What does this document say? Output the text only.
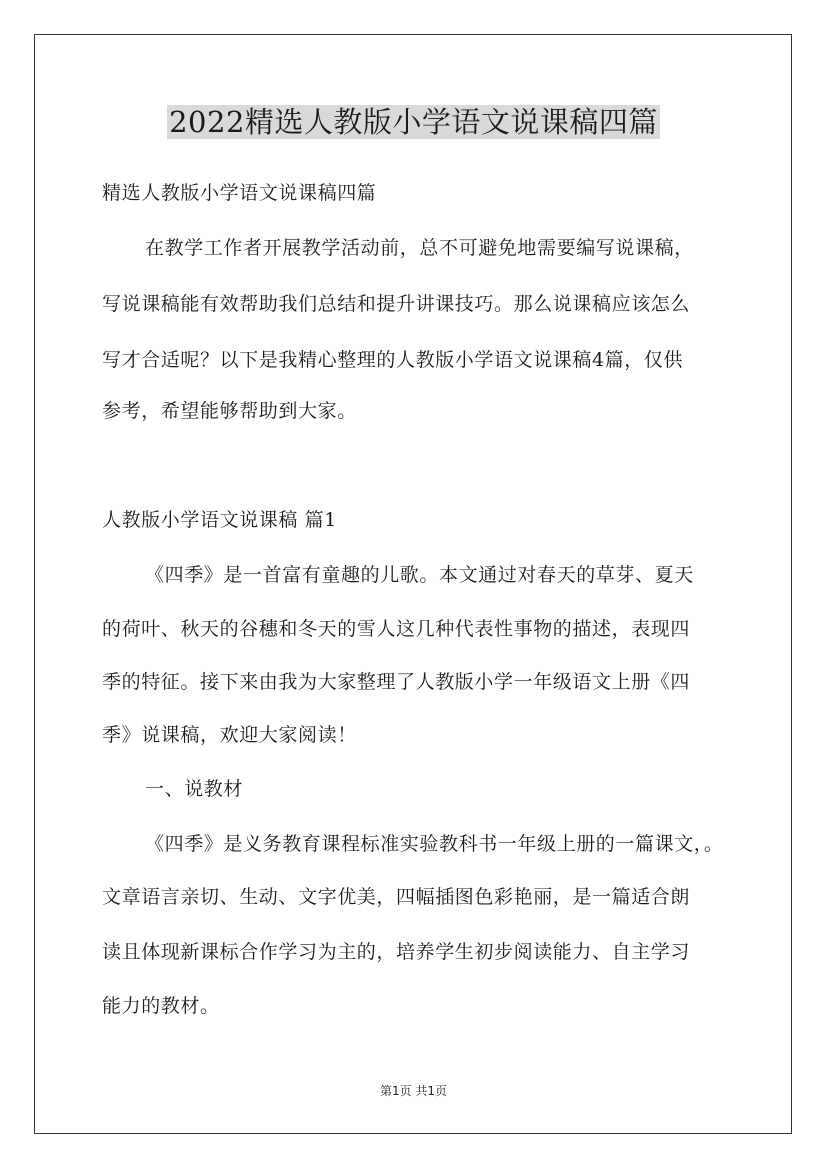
2022精选人教版小学语文说课稿四篇
精选人教版小学语文说课稿四篇
在教学工作者开展教学活动前，总不可避免地需要编写说课稿，
写说课稿能有效帮助我们总结和提升讲课技巧。那么说课稿应该怎么
写才合适呢？以下是我精心整理的人教版小学语文说课稿4篇，仅供
参考，希望能够帮助到大家。
人教版小学语文说课稿 篇1
《四季》是一首富有童趣的儿歌。本文通过对春天的草芽、夏天
的荷叶、秋天的谷穗和冬天的雪人这几种代表性事物的描述，表现四
季的特征。接下来由我为大家整理了人教版小学一年级语文上册《四
季》说课稿，欢迎大家阅读！
一、说教材
《四季》是义务教育课程标准实验教科书一年级上册的一篇课文，。
文章语言亲切、生动、文字优美，四幅插图色彩艳丽，是一篇适合朗
读且体现新课标合作学习为主的，培养学生初步阅读能力、自主学习
能力的教材。
第1页 共1页
